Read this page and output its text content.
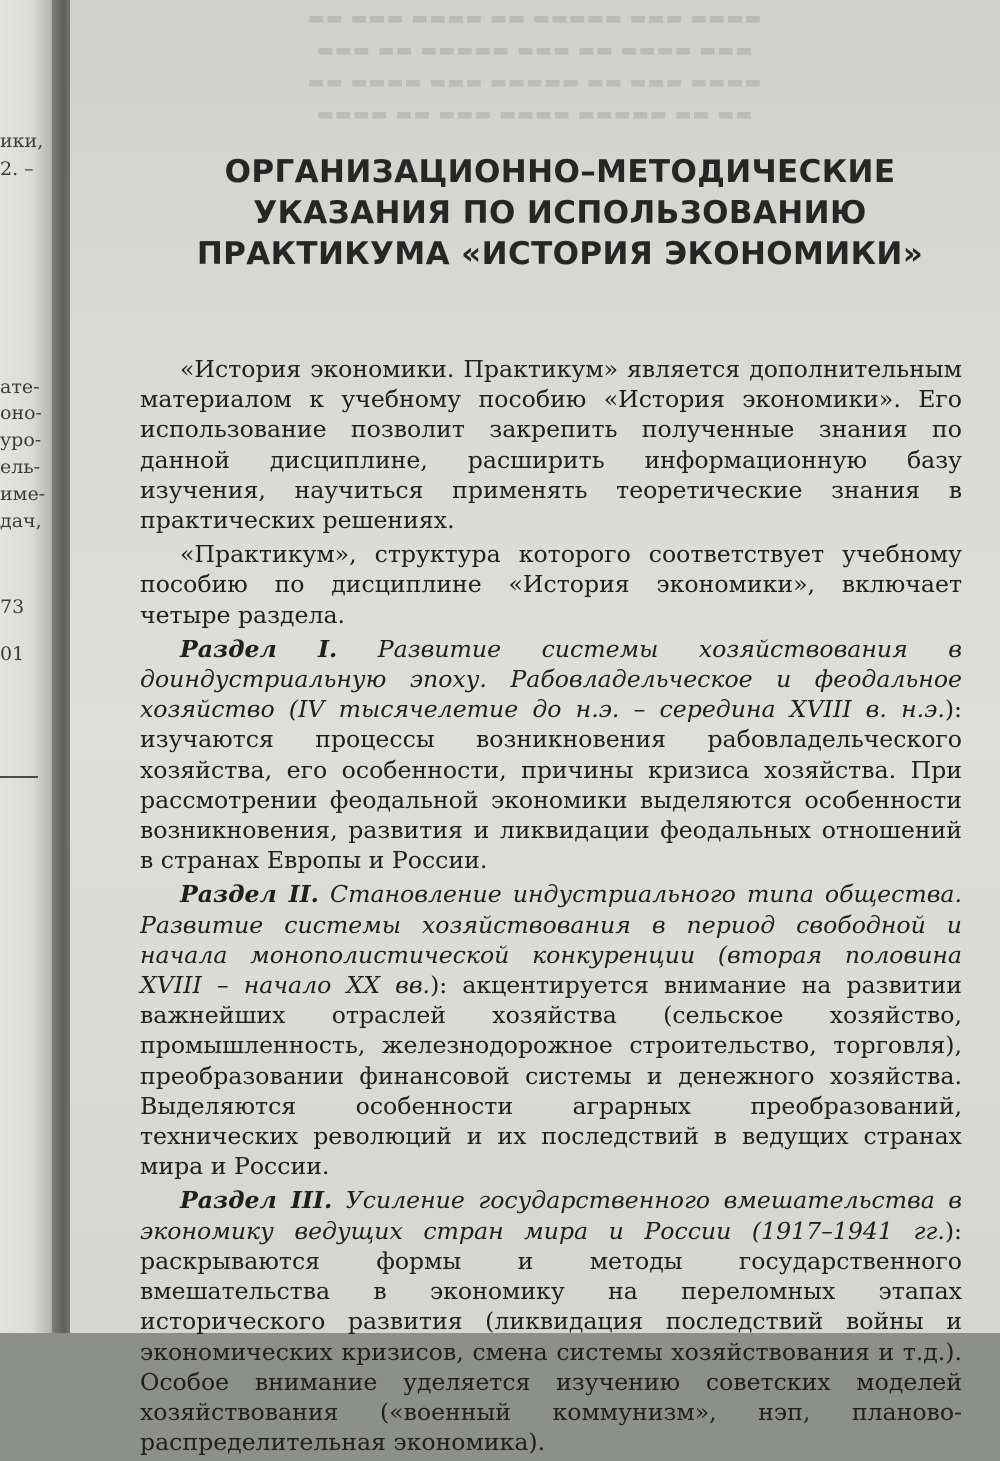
ики,
2. –
атe-
оно-
уро-
ель-
име-
дач,
73
01
▬▬ ▬▬▬ ▬▬▬▬ ▬▬ ▬▬▬▬▬ ▬▬▬ ▬▬▬▬
▬▬▬ ▬▬ ▬▬▬▬▬ ▬▬▬ ▬▬ ▬▬▬▬ ▬▬▬
▬▬ ▬▬▬▬ ▬▬▬ ▬▬▬▬▬ ▬▬ ▬▬▬ ▬▬▬▬
▬▬▬▬ ▬▬ ▬▬▬ ▬▬▬▬ ▬▬▬▬▬ ▬▬ ▬▬
ОРГАНИЗАЦИОННО–МЕТОДИЧЕСКИЕ
УКАЗАНИЯ ПО ИСПОЛЬЗОВАНИЮ
ПРАКТИКУМА «ИСТОРИЯ ЭКОНОМИКИ»

«История экономики. Практикум» является дополнительным материалом к учебному пособию «История экономики». Его использование позволит закрепить полученные знания по данной дисциплине, расширить информационную базу изучения, научиться применять теоретические знания в практических решениях.

«Практикум», структура которого соответствует учебному пособию по дисциплине «История экономики», включает четыре раздела.

Раздел I. Развитие системы хозяйствования в доиндустриальную эпоху. Рабовладельческое и феодальное хозяйство (IV тысячелетие до н.э. – середина XVIII в. н.э.): изучаются процессы возникновения рабовладельческого хозяйства, его особенности, причины кризиса хозяйства. При рассмотрении феодальной экономики выделяются особенности возникновения, развития и ликвидации феодальных отношений в странах Европы и России.

Раздел II. Становление индустриального типа общества. Развитие системы хозяйствования в период свободной и начала монополистической конкуренции (вторая половина XVIII – начало XX вв.): акцентируется внимание на развитии важнейших отраслей хозяйства (сельское хозяйство, промышленность, железнодорожное строительство, торговля), преобразовании финансовой системы и денежного хозяйства. Выделяются особенности аграрных преобразований, технических революций и их последствий в ведущих странах мира и России.

Раздел III. Усиление государственного вмешательства в экономику ведущих стран мира и России (1917–1941 гг.): раскрываются формы и методы государственного вмешательства в экономику на переломных этапах исторического развития (ликвидация последствий войны и экономических кризисов, смена системы хозяйствования и т.д.). Особое внимание уделяется изучению советских моделей хозяйствования («военный коммунизм», нэп, планово-распределительная экономика).
